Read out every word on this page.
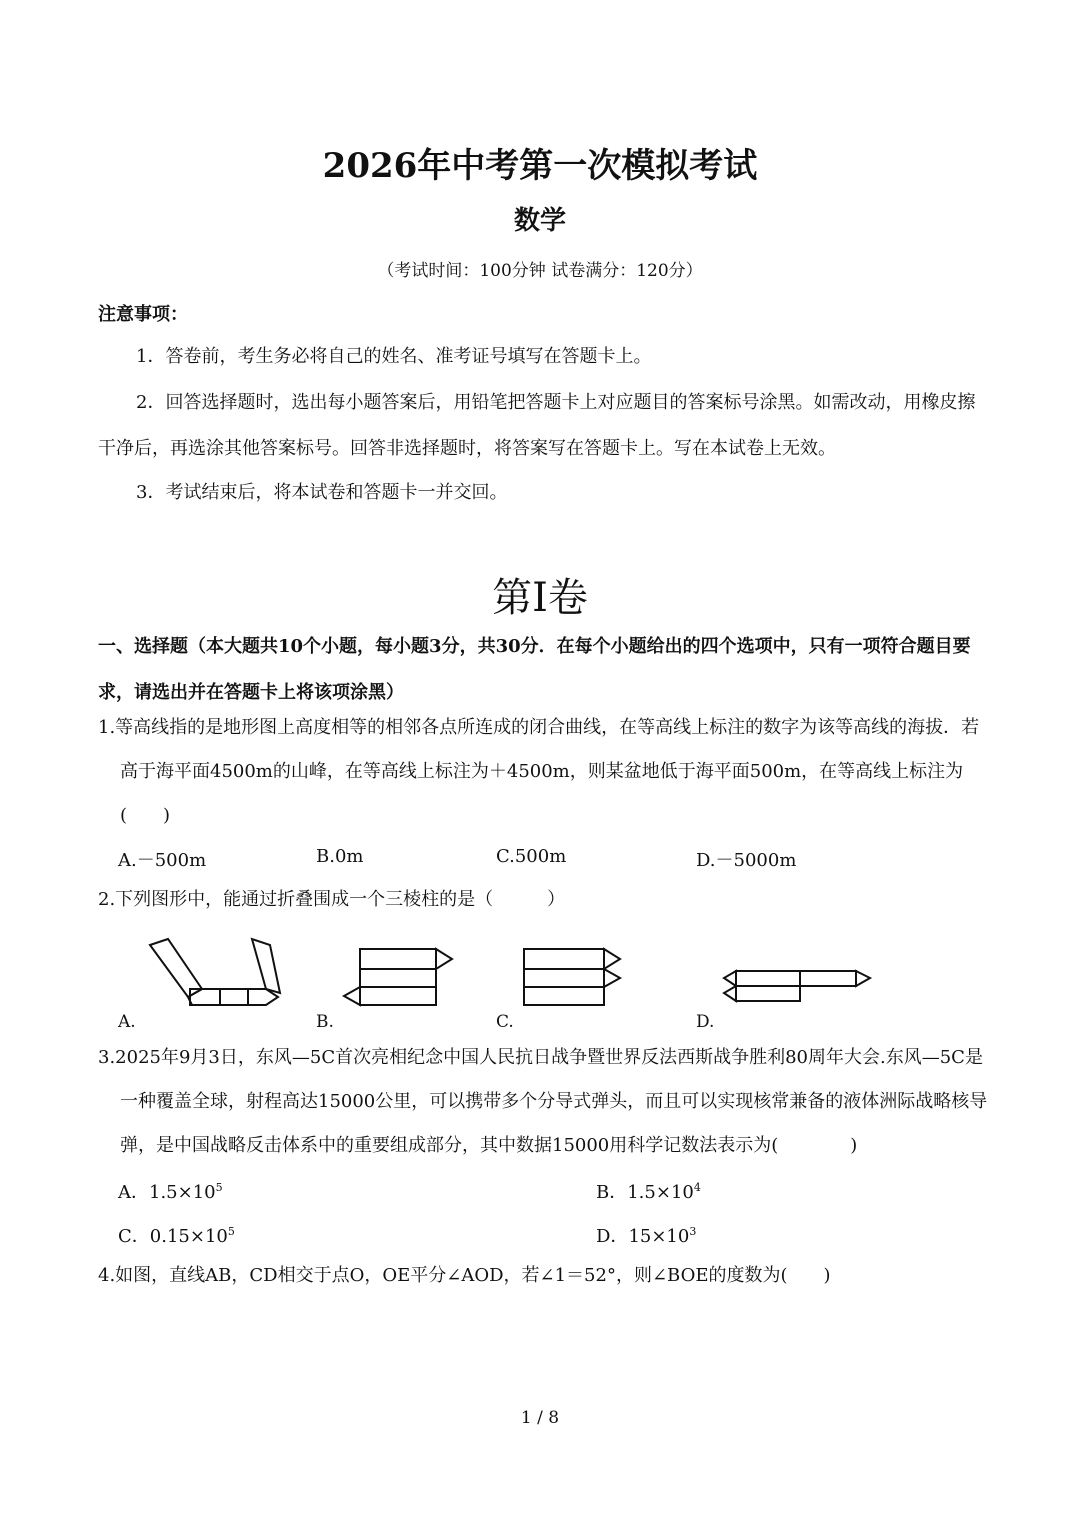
2026年中考第一次模拟考试
数学
（考试时间：100分钟 试卷满分：120分）
注意事项：
1．答卷前，考生务必将自己的姓名、准考证号填写在答题卡上。
2．回答选择题时，选出每小题答案后，用铅笔把答题卡上对应题目的答案标号涂黑。如需改动，用橡皮擦干净后，再选涂其他答案标号。回答非选择题时，将答案写在答题卡上。写在本试卷上无效。
3．考试结束后，将本试卷和答题卡一并交回。
第I卷
一、选择题（本大题共10个小题，每小题3分，共30分．在每个小题给出的四个选项中，只有一项符合题目要求，请选出并在答题卡上将该项涂黑）
1.等高线指的是地形图上高度相等的相邻各点所连成的闭合曲线，在等高线上标注的数字为该等高线的海拔．若高于海平面4500m的山峰，在等高线上标注为＋4500m，则某盆地低于海平面500m，在等高线上标注为(　　)
A.－500m	B.0m	C.500m	D.－5000m
2.下列图形中，能通过折叠围成一个三棱柱的是（　　　）
A.	B.	C.	D.
3.2025年9月3日，东风—5C首次亮相纪念中国人民抗日战争暨世界反法西斯战争胜利80周年大会.东风—5C是一种覆盖全球，射程高达15000公里，可以携带多个分导式弹头，而且可以实现核常兼备的液体洲际战略核导弹，是中国战略反击体系中的重要组成部分，其中数据15000用科学记数法表示为(　　　　)
A．$1.5\times 10^5$	B．$1.5\times 10^4$
C．$0.15\times 10^5$	D．$15\times 10^3$
4.如图，直线AB，CD相交于点O，OE平分∠AOD，若∠1＝52°，则∠BOE的度数为(　　)
1 / 8
